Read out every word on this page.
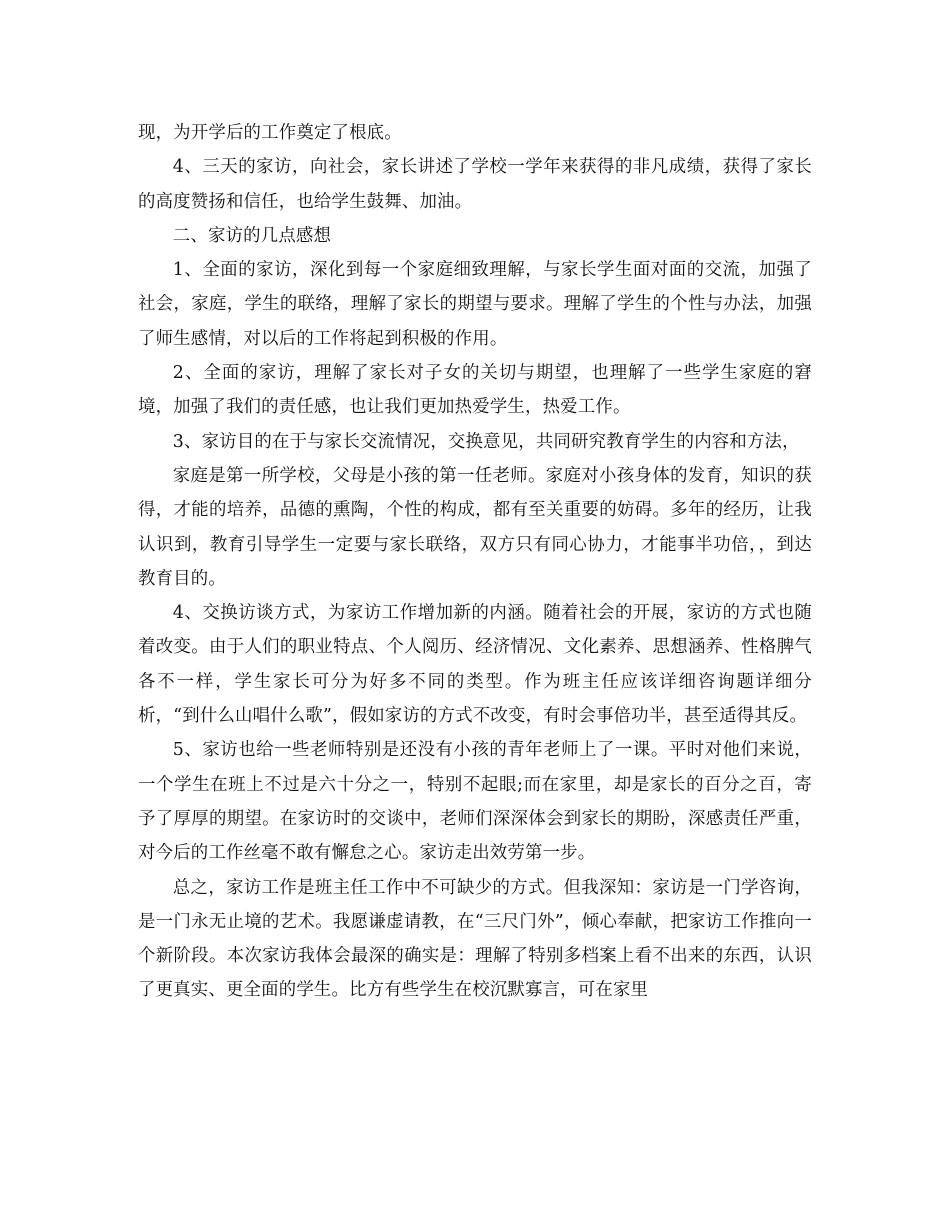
现，为开学后的工作奠定了根底。

4、三天的家访，向社会，家长讲述了学校一学年来获得的非凡成绩，获得了家长的高度赞扬和信任，也给学生鼓舞、加油。

二、家访的几点感想

1、全面的家访，深化到每一个家庭细致理解，与家长学生面对面的交流，加强了社会，家庭，学生的联络，理解了家长的期望与要求。理解了学生的个性与办法，加强了师生感情，对以后的工作将起到积极的作用。

2、全面的家访，理解了家长对子女的关切与期望，也理解了一些学生家庭的窘境，加强了我们的责任感，也让我们更加热爱学生，热爱工作。

3、家访目的在于与家长交流情况，交换意见，共同研究教育学生的内容和方法，

家庭是第一所学校，父母是小孩的第一任老师。家庭对小孩身体的发育，知识的获得，才能的培养，品德的熏陶，个性的构成，都有至关重要的妨碍。多年的经历，让我认识到，教育引导学生一定要与家长联络，双方只有同心协力，才能事半功倍，，到达教育目的。

4、交换访谈方式，为家访工作增加新的内涵。随着社会的开展，家访的方式也随着改变。由于人们的职业特点、个人阅历、经济情况、文化素养、思想涵养、性格脾气各不一样，学生家长可分为好多不同的类型。作为班主任应该详细咨询题详细分析，“到什么山唱什么歌”，假如家访的方式不改变，有时会事倍功半，甚至适得其反。

5、家访也给一些老师特别是还没有小孩的青年老师上了一课。平时对他们来说，一个学生在班上不过是六十分之一，特别不起眼;而在家里，却是家长的百分之百，寄予了厚厚的期望。在家访时的交谈中，老师们深深体会到家长的期盼，深感责任严重，对今后的工作丝毫不敢有懈怠之心。家访走出效劳第一步。

总之，家访工作是班主任工作中不可缺少的方式。但我深知：家访是一门学咨询，是一门永无止境的艺术。我愿谦虚请教，在“三尺门外”，倾心奉献，把家访工作推向一个新阶段。本次家访我体会最深的确实是：理解了特别多档案上看不出来的东西，认识了更真实、更全面的学生。比方有些学生在校沉默寡言，可在家里
